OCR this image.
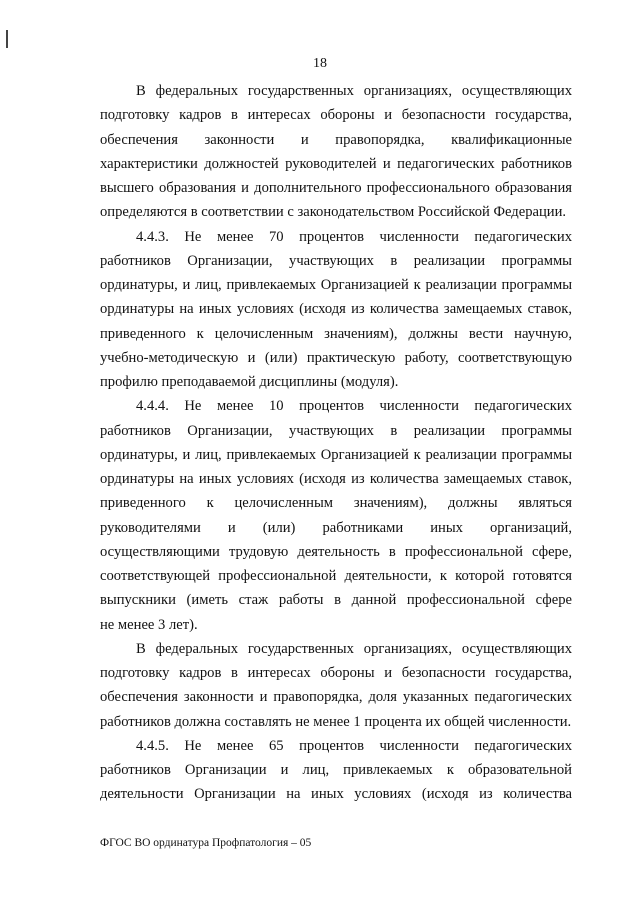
18
В федеральных государственных организациях, осуществляющих
подготовку кадров в интересах обороны и безопасности государства,
обеспечения законности и правопорядка, квалификационные
характеристики должностей руководителей и педагогических работников
высшего образования и дополнительного профессионального образования
определяются в соответствии с законодательством Российской Федерации.
4.4.3. Не менее 70 процентов численности педагогических
работников Организации, участвующих в реализации программы
ординатуры, и лиц, привлекаемых Организацией к реализации программы
ординатуры на иных условиях (исходя из количества замещаемых ставок,
приведенного к целочисленным значениям), должны вести научную,
учебно-методическую и (или) практическую работу, соответствующую
профилю преподаваемой дисциплины (модуля).
4.4.4. Не менее 10 процентов численности педагогических
работников Организации, участвующих в реализации программы
ординатуры, и лиц, привлекаемых Организацией к реализации программы
ординатуры на иных условиях (исходя из количества замещаемых ставок,
приведенного к целочисленным значениям), должны являться
руководителями и (или) работниками иных организаций,
осуществляющими трудовую деятельность в профессиональной сфере,
соответствующей профессиональной деятельности, к которой готовятся
выпускники (иметь стаж работы в данной профессиональной сфере
не менее 3 лет).
В федеральных государственных организациях, осуществляющих
подготовку кадров в интересах обороны и безопасности государства,
обеспечения законности и правопорядка, доля указанных педагогических
работников должна составлять не менее 1 процента их общей численности.
4.4.5. Не менее 65 процентов численности педагогических
работников Организации и лиц, привлекаемых к образовательной
деятельности Организации на иных условиях (исходя из количества
ФГОС ВО ординатура Профпатология – 05
